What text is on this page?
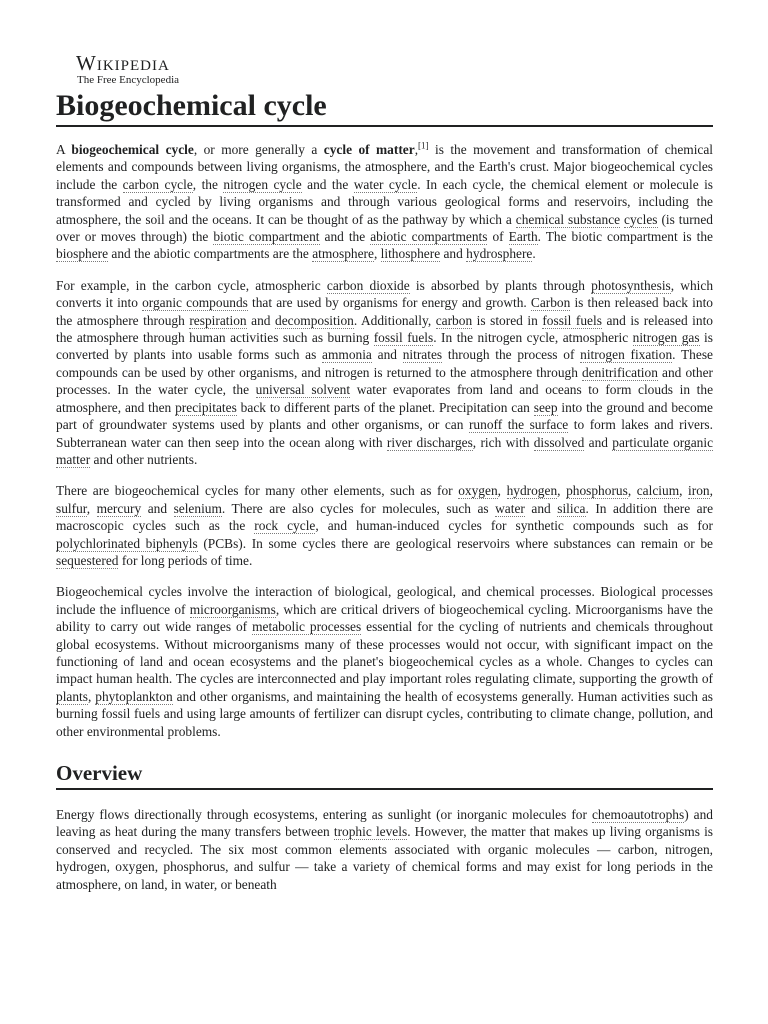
Wikipedia
The Free Encyclopedia
Biogeochemical cycle

A biogeochemical cycle, or more generally a cycle of matter,[1] is the movement and transformation of chemical elements and compounds between living organisms, the atmosphere, and the Earth's crust. Major biogeochemical cycles include the carbon cycle, the nitrogen cycle and the water cycle. In each cycle, the chemical element or molecule is transformed and cycled by living organisms and through various geological forms and reservoirs, including the atmosphere, the soil and the oceans. It can be thought of as the pathway by which a chemical substance cycles (is turned over or moves through) the biotic compartment and the abiotic compartments of Earth. The biotic compartment is the biosphere and the abiotic compartments are the atmosphere, lithosphere and hydrosphere.

For example, in the carbon cycle, atmospheric carbon dioxide is absorbed by plants through photosynthesis, which converts it into organic compounds that are used by organisms for energy and growth. Carbon is then released back into the atmosphere through respiration and decomposition. Additionally, carbon is stored in fossil fuels and is released into the atmosphere through human activities such as burning fossil fuels. In the nitrogen cycle, atmospheric nitrogen gas is converted by plants into usable forms such as ammonia and nitrates through the process of nitrogen fixation. These compounds can be used by other organisms, and nitrogen is returned to the atmosphere through denitrification and other processes. In the water cycle, the universal solvent water evaporates from land and oceans to form clouds in the atmosphere, and then precipitates back to different parts of the planet. Precipitation can seep into the ground and become part of groundwater systems used by plants and other organisms, or can runoff the surface to form lakes and rivers. Subterranean water can then seep into the ocean along with river discharges, rich with dissolved and particulate organic matter and other nutrients.

There are biogeochemical cycles for many other elements, such as for oxygen, hydrogen, phosphorus, calcium, iron, sulfur, mercury and selenium. There are also cycles for molecules, such as water and silica. In addition there are macroscopic cycles such as the rock cycle, and human-induced cycles for synthetic compounds such as for polychlorinated biphenyls (PCBs). In some cycles there are geological reservoirs where substances can remain or be sequestered for long periods of time.

Biogeochemical cycles involve the interaction of biological, geological, and chemical processes. Biological processes include the influence of microorganisms, which are critical drivers of biogeochemical cycling. Microorganisms have the ability to carry out wide ranges of metabolic processes essential for the cycling of nutrients and chemicals throughout global ecosystems. Without microorganisms many of these processes would not occur, with significant impact on the functioning of land and ocean ecosystems and the planet's biogeochemical cycles as a whole. Changes to cycles can impact human health. The cycles are interconnected and play important roles regulating climate, supporting the growth of plants, phytoplankton and other organisms, and maintaining the health of ecosystems generally. Human activities such as burning fossil fuels and using large amounts of fertilizer can disrupt cycles, contributing to climate change, pollution, and other environmental problems.

Overview

Energy flows directionally through ecosystems, entering as sunlight (or inorganic molecules for chemoautotrophs) and leaving as heat during the many transfers between trophic levels. However, the matter that makes up living organisms is conserved and recycled. The six most common elements associated with organic molecules — carbon, nitrogen, hydrogen, oxygen, phosphorus, and sulfur — take a variety of chemical forms and may exist for long periods in the atmosphere, on land, in water, or beneath
